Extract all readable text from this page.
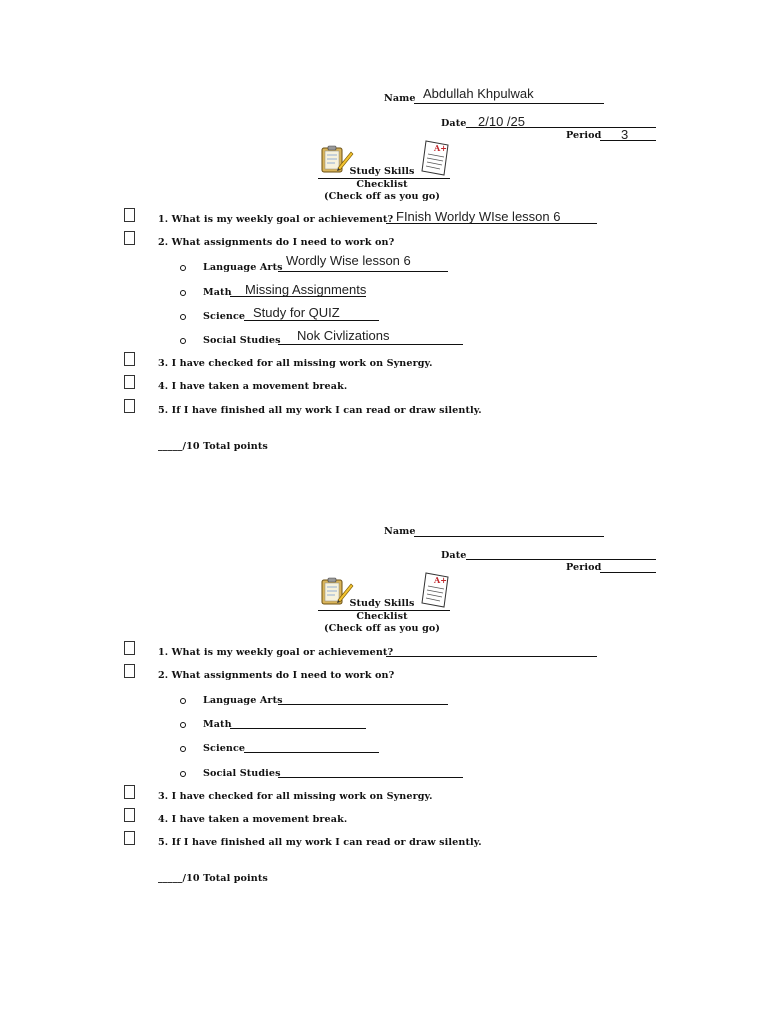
Name Abdullah Khpulwak
Date 2/10 /25
Period 3
A+
Study Skills
Checklist
(Check off as you go)
1. What is my weekly goal or achievement? FInish Worldy WIse lesson 6
2. What assignments do I need to work on?
Language Arts Wordly Wise lesson 6
Math Missing Assignments
Science Study for QUIZ
Social Studies Nok Civlizations
3. I have checked for all missing work on Synergy.
4. I have taken a movement break.
5. If I have finished all my work I can read or draw silently.
_____/10 Total points
Name
Date
Period
A+
Study Skills
Checklist
(Check off as you go)
1. What is my weekly goal or achievement?
2. What assignments do I need to work on?
Language Arts
Math
Science
Social Studies
3. I have checked for all missing work on Synergy.
4. I have taken a movement break.
5. If I have finished all my work I can read or draw silently.
_____/10 Total points
